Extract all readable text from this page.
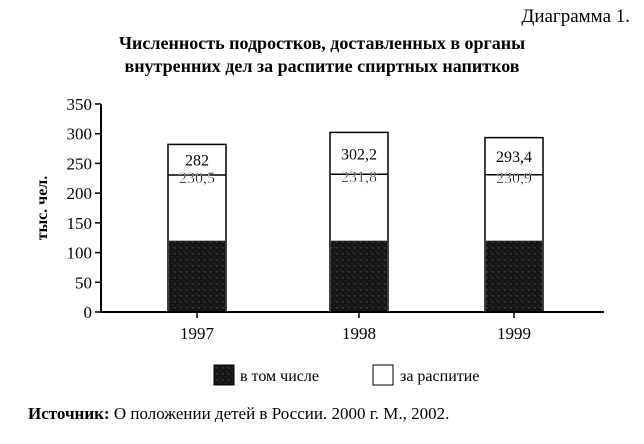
Диаграмма 1.
Численность подростков, доставленных в органы
внутренних дел за распитие спиртных напитков
тыс. чел.
0
50
100
150
200
250
300
350
282
230,5
302,2
231,8
293,4
230,9
1997	1998	1999
в том числе	за распитие
Источник: О положении детей в России. 2000 г. М., 2002.
